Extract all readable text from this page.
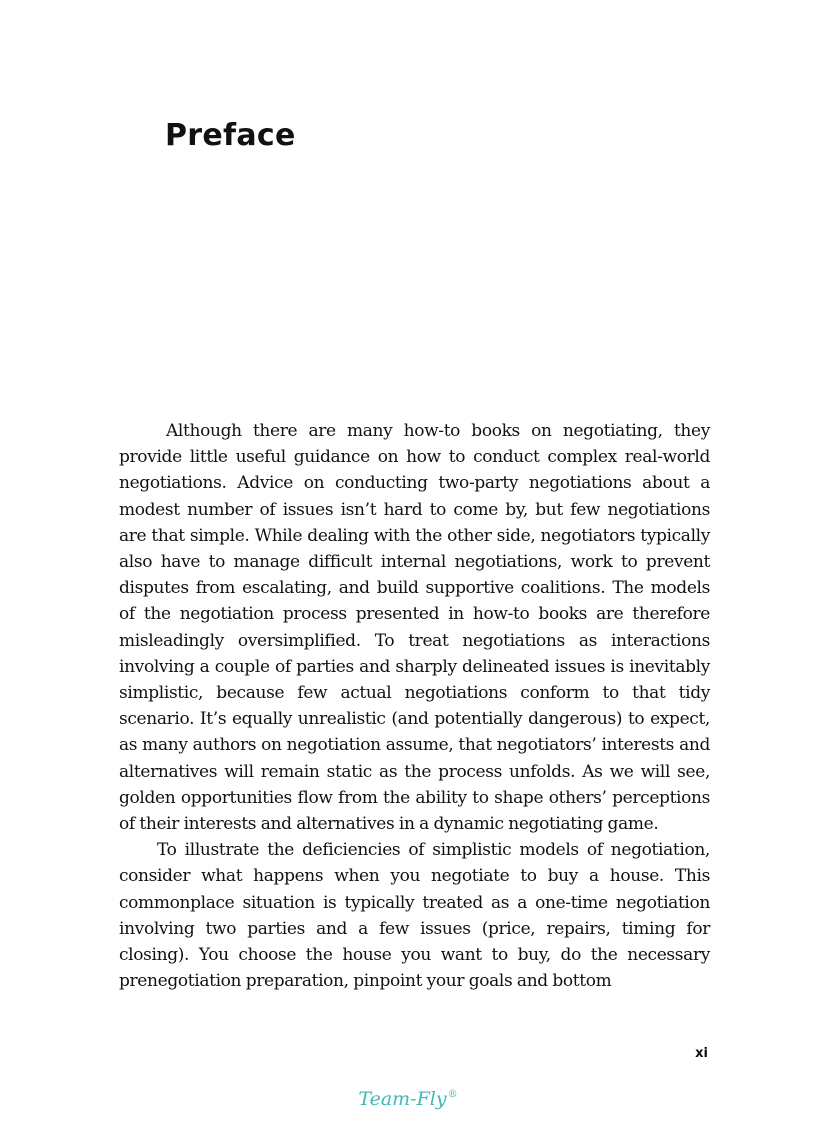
Preface

Although there are many how-to books on negotiating, they provide little useful guidance on how to conduct complex real-world negotiations. Advice on conducting two-party negotiations about a modest number of issues isn’t hard to come by, but few negotiations are that simple. While dealing with the other side, negotiators typically also have to manage difficult internal negotiations, work to prevent disputes from escalating, and build supportive coalitions. The models of the negotiation process presented in how-to books are therefore misleadingly oversimplified. To treat negotiations as interactions involving a couple of parties and sharply delineated issues is inevitably simplistic, because few actual negotiations conform to that tidy scenario. It’s equally unrealistic (and potentially dangerous) to expect, as many authors on negotiation assume, that negotiators’ interests and alternatives will remain static as the process unfolds. As we will see, golden opportunities flow from the ability to shape others’ perceptions of their interests and alternatives in a dynamic negotiating game.

To illustrate the deficiencies of simplistic models of negotiation, consider what happens when you negotiate to buy a house. This commonplace situation is typically treated as a one-time negotiation involving two parties and a few issues (price, repairs, timing for closing). You choose the house you want to buy, do the necessary prenegotiation preparation, pinpoint your goals and bottom

xi
Team-Fly®
